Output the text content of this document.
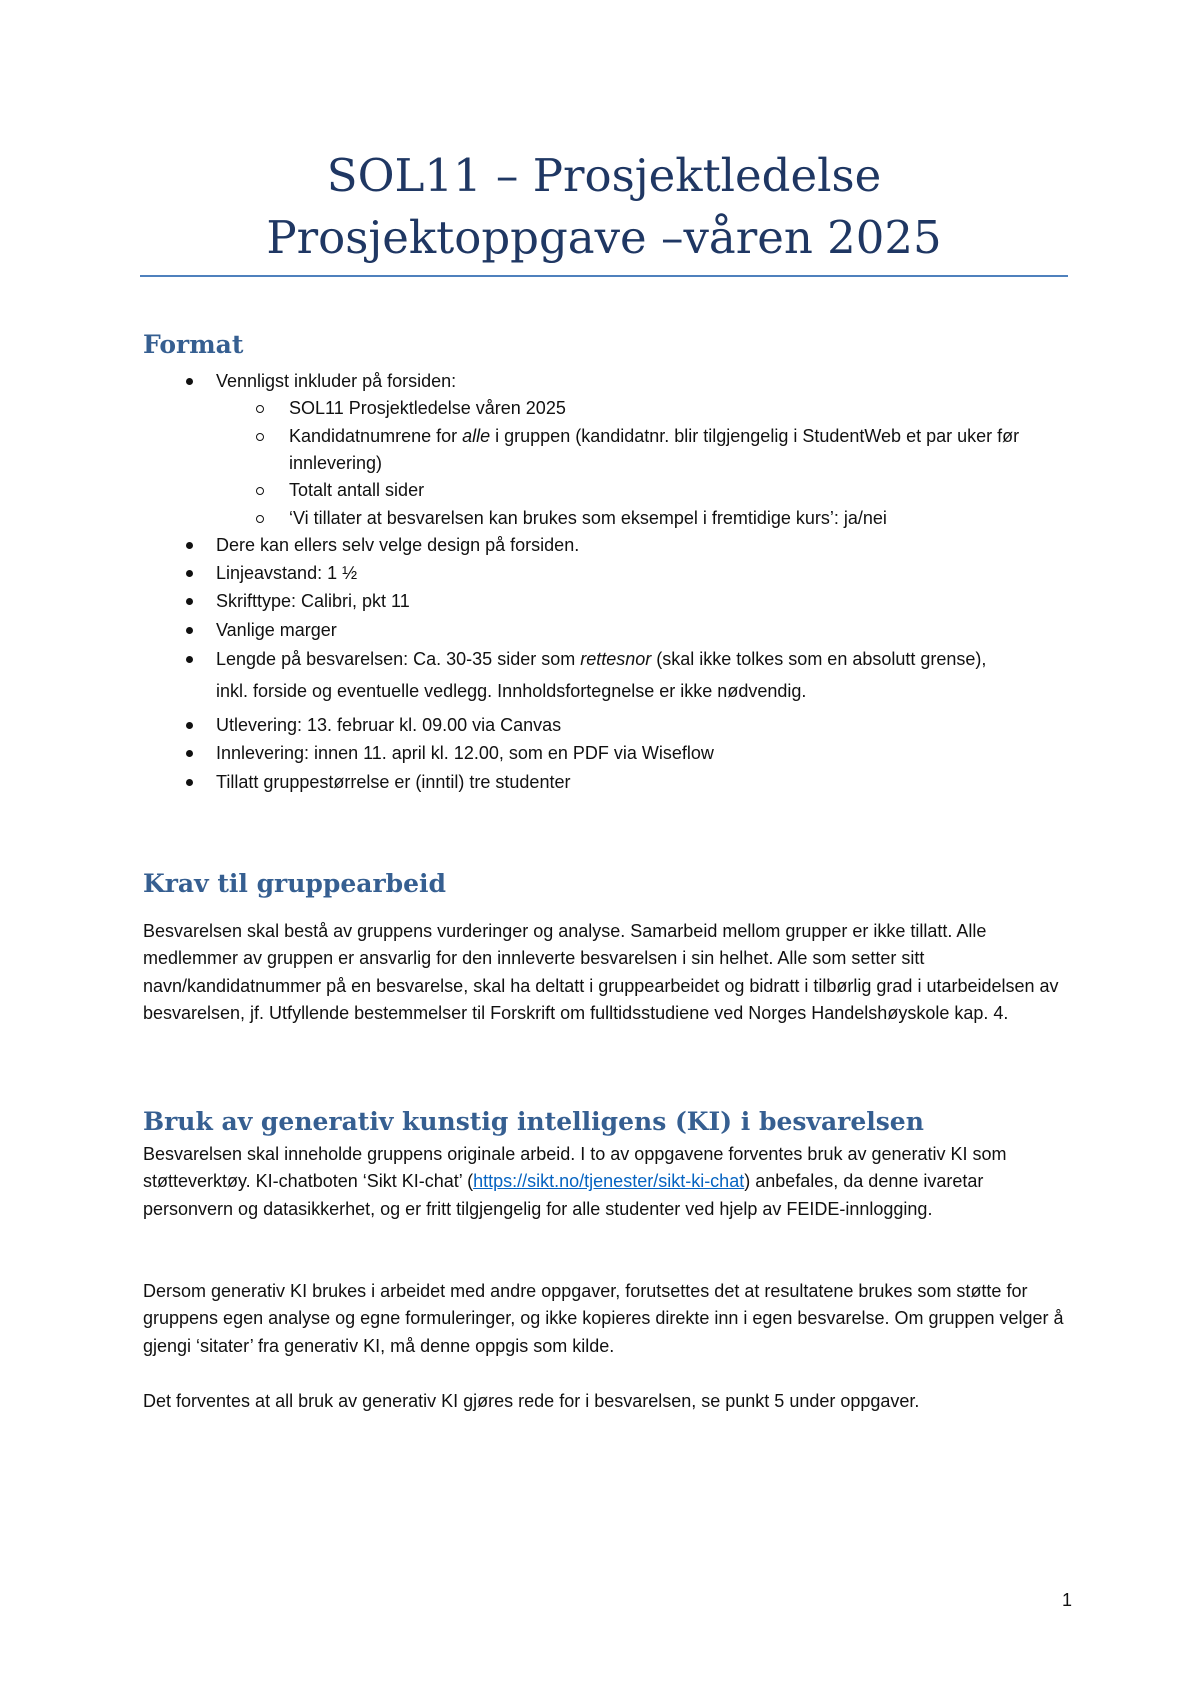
SOL11 – Prosjektledelse
Prosjektoppgave –våren 2025
Format
Vennligst inkluder på forsiden:
SOL11 Prosjektledelse våren 2025
Kandidatnumrene for alle i gruppen (kandidatnr. blir tilgjengelig i StudentWeb et par uker før innlevering)
Totalt antall sider
‘Vi tillater at besvarelsen kan brukes som eksempel i fremtidige kurs’: ja/nei
Dere kan ellers selv velge design på forsiden.
Linjeavstand: 1 ½
Skrifttype: Calibri, pkt 11
Vanlige marger
Lengde på besvarelsen: Ca. 30-35 sider som rettesnor (skal ikke tolkes som en absolutt grense),
inkl. forside og eventuelle vedlegg. Innholdsfortegnelse er ikke nødvendig.
Utlevering: 13. februar kl. 09.00 via Canvas
Innlevering: innen 11. april kl. 12.00, som en PDF via Wiseflow
Tillatt gruppestørrelse er (inntil) tre studenter
Krav til gruppearbeid

Besvarelsen skal bestå av gruppens vurderinger og analyse. Samarbeid mellom grupper er ikke tillatt. Alle medlemmer av gruppen er ansvarlig for den innleverte besvarelsen i sin helhet. Alle som setter sitt navn/kandidatnummer på en besvarelse, skal ha deltatt i gruppearbeidet og bidratt i tilbørlig grad i utarbeidelsen av besvarelsen, jf. Utfyllende bestemmelser til Forskrift om fulltidsstudiene ved Norges Handelshøyskole kap. 4.

Bruk av generativ kunstig intelligens (KI) i besvarelsen

Besvarelsen skal inneholde gruppens originale arbeid. I to av oppgavene forventes bruk av generativ KI som støtteverktøy. KI-chatboten ‘Sikt KI-chat’ (https://sikt.no/tjenester/sikt-ki-chat) anbefales, da denne ivaretar personvern og datasikkerhet, og er fritt tilgjengelig for alle studenter ved hjelp av FEIDE-innlogging.

Dersom generativ KI brukes i arbeidet med andre oppgaver, forutsettes det at resultatene brukes som støtte for gruppens egen analyse og egne formuleringer, og ikke kopieres direkte inn i egen besvarelse. Om gruppen velger å gjengi ‘sitater’ fra generativ KI, må denne oppgis som kilde.

Det forventes at all bruk av generativ KI gjøres rede for i besvarelsen, se punkt 5 under oppgaver.

1
